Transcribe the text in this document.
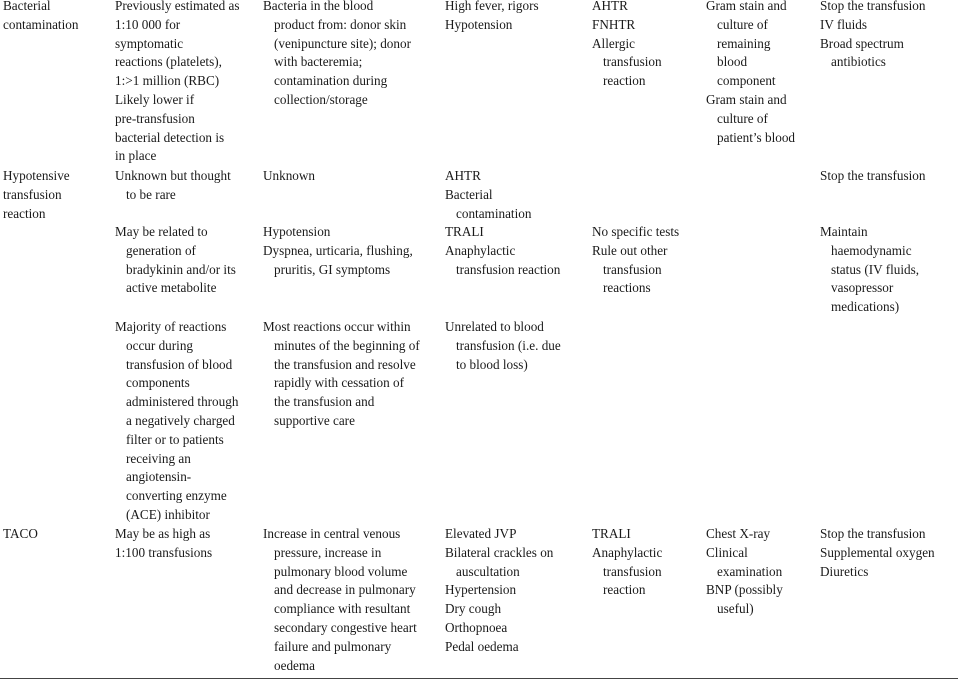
Bacterial
contamination
Previously estimated as
1:10 000 for
symptomatic
reactions (platelets),
1:>1 million (RBC)
Likely lower if
pre-transfusion
bacterial detection is
in place
Bacteria in the blood
product from: donor skin
(venipuncture site); donor
with bacteremia;
contamination during
collection/storage
High fever, rigors
Hypotension
AHTR
FNHTR
Allergic
transfusion
reaction
Gram stain and
culture of
remaining
blood
component
Gram stain and
culture of
patient’s blood
Stop the transfusion
IV fluids
Broad spectrum
antibiotics
Hypotensive
transfusion
reaction
Unknown but thought
to be rare
Unknown	AHTR
Bacterial
contamination
Stop the transfusion
May be related to
generation of
bradykinin and/or its
active metabolite
Hypotension
Dyspnea, urticaria, flushing,
pruritis, GI symptoms
TRALI
Anaphylactic
transfusion reaction
No specific tests
Rule out other
transfusion
reactions
Maintain
haemodynamic
status (IV fluids,
vasopressor
medications)
Majority of reactions
occur during
transfusion of blood
components
administered through
a negatively charged
filter or to patients
receiving an
angiotensin-
converting enzyme
(ACE) inhibitor
Most reactions occur within
minutes of the beginning of
the transfusion and resolve
rapidly with cessation of
the transfusion and
supportive care
Unrelated to blood
transfusion (i.e. due
to blood loss)
TACO	May be as high as
1:100 transfusions
Increase in central venous
pressure, increase in
pulmonary blood volume
and decrease in pulmonary
compliance with resultant
secondary congestive heart
failure and pulmonary
oedema
Elevated JVP
Bilateral crackles on
auscultation
Hypertension
Dry cough
Orthopnoea
Pedal oedema
TRALI
Anaphylactic
transfusion
reaction
Chest X-ray
Clinical
examination
BNP (possibly
useful)
Stop the transfusion
Supplemental oxygen
Diuretics
